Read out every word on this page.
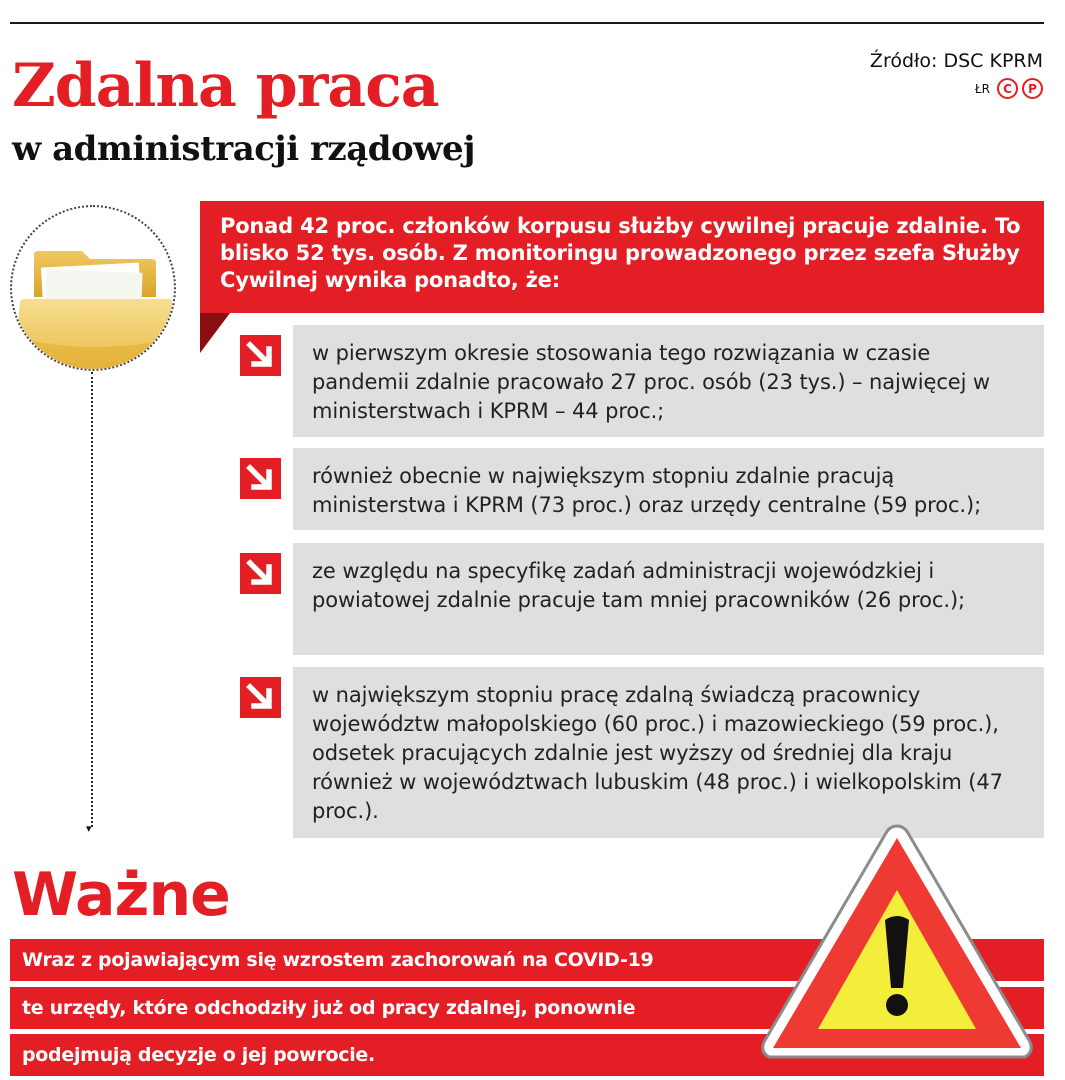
Zdalna praca
w administracji rządowej
Źródło: DSC KPRM
ŁR	C	P
▾

Ponad 42 proc. członków korpusu służby cywilnej pracuje zdalnie. To blisko 52 tys. osób. Z monitoringu prowadzonego przez szefa Służby Cywilnej wynika ponadto, że:

w pierwszym okresie stosowania tego rozwiązania w czasie pandemii zdalnie pracowało 27 proc. osób (23 tys.) – najwięcej w ministerstwach i KPRM – 44 proc.;

również obecnie w największym stopniu zdalnie pracują ministerstwa i KPRM (73 proc.) oraz urzędy centralne (59 proc.);

ze względu na specyfikę zadań administracji wojewódzkiej i powiatowej zdalnie pracuje tam mniej pracowników (26 proc.);

w największym stopniu pracę zdalną świadczą pracownicy województw małopolskiego (60 proc.) i mazowieckiego (59 proc.), odsetek pracujących zdalnie jest wyższy od średniej dla kraju również w województwach lubuskim (48 proc.) i wielkopolskim (47 proc.).

Ważne
Wraz z pojawiającym się wzrostem zachorowań na COVID-19
te urzędy, które odchodziły już od pracy zdalnej, ponownie
podejmują decyzje o jej powrocie.
